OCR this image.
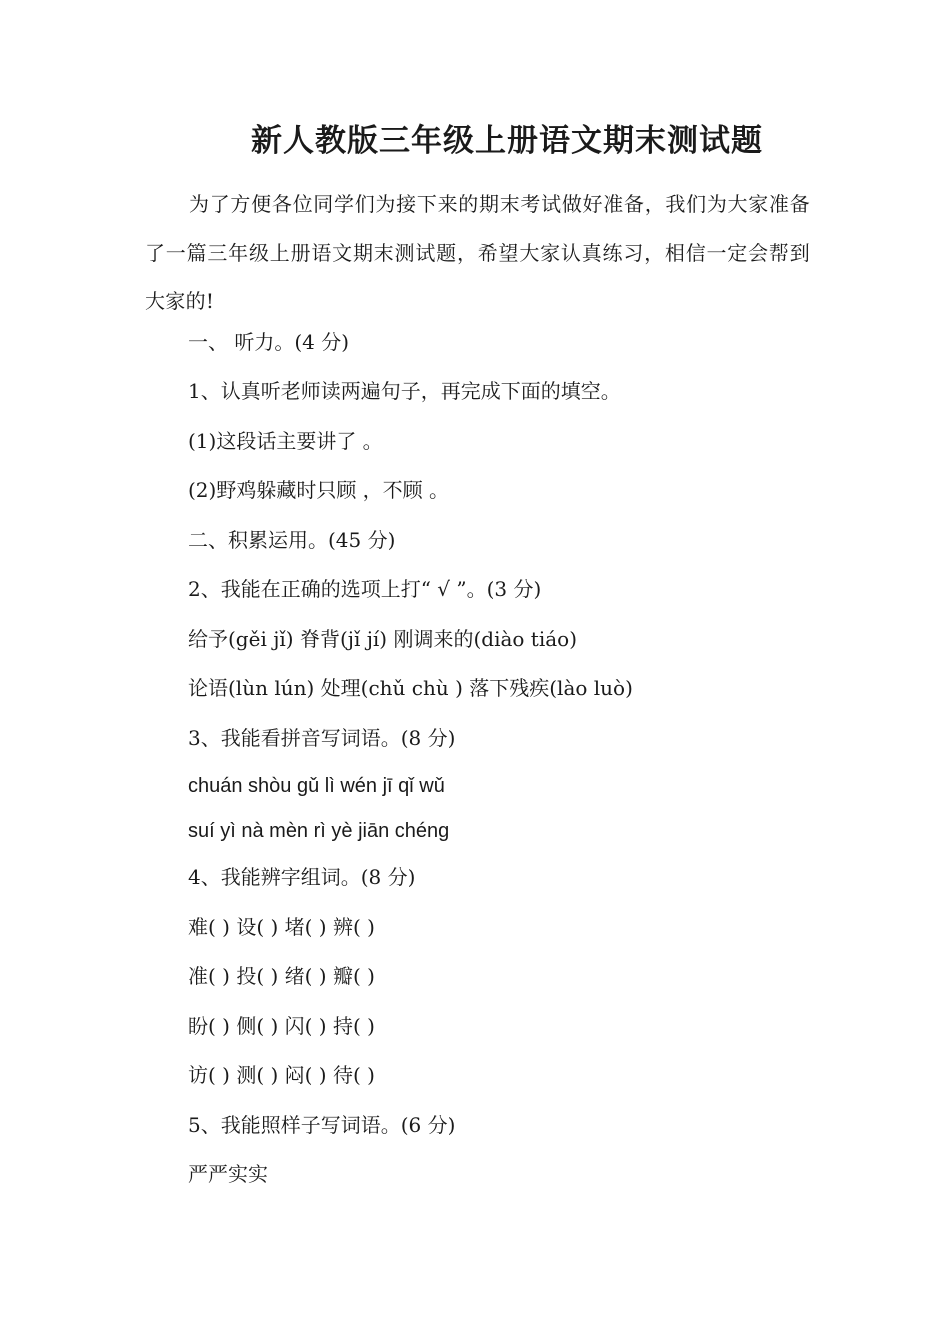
新人教版三年级上册语文期末测试题

为了方便各位同学们为接下来的期末考试做好准备，我们为大家准备了一篇三年级上册语文期末测试题，希望大家认真练习，相信一定会帮到大家的!

一、 听力。(4 分)

1、认真听老师读两遍句子，再完成下面的填空。

(1)这段话主要讲了 。

(2)野鸡躲藏时只顾 ，不顾 。

二、积累运用。(45 分)

2、我能在正确的选项上打“ √ ”。(3 分)

给予(gěi jǐ) 脊背(jǐ jí) 刚调来的(diào tiáo)

论语(lùn lún) 处理(chǔ chù ) 落下残疾(lào luò)

3、我能看拼音写词语。(8 分)

chuán shòu gǔ lì wén jī qǐ wǔ

suí yì nà mèn rì yè jiān chéng

4、我能辨字组词。(8 分)

难( ) 设( ) 堵( ) 辨( )

准( ) 投( ) 绪( ) 瓣( )

盼( ) 侧( ) 闪( ) 持( )

访( ) 测( ) 闷( ) 待( )

5、我能照样子写词语。(6 分)

严严实实
